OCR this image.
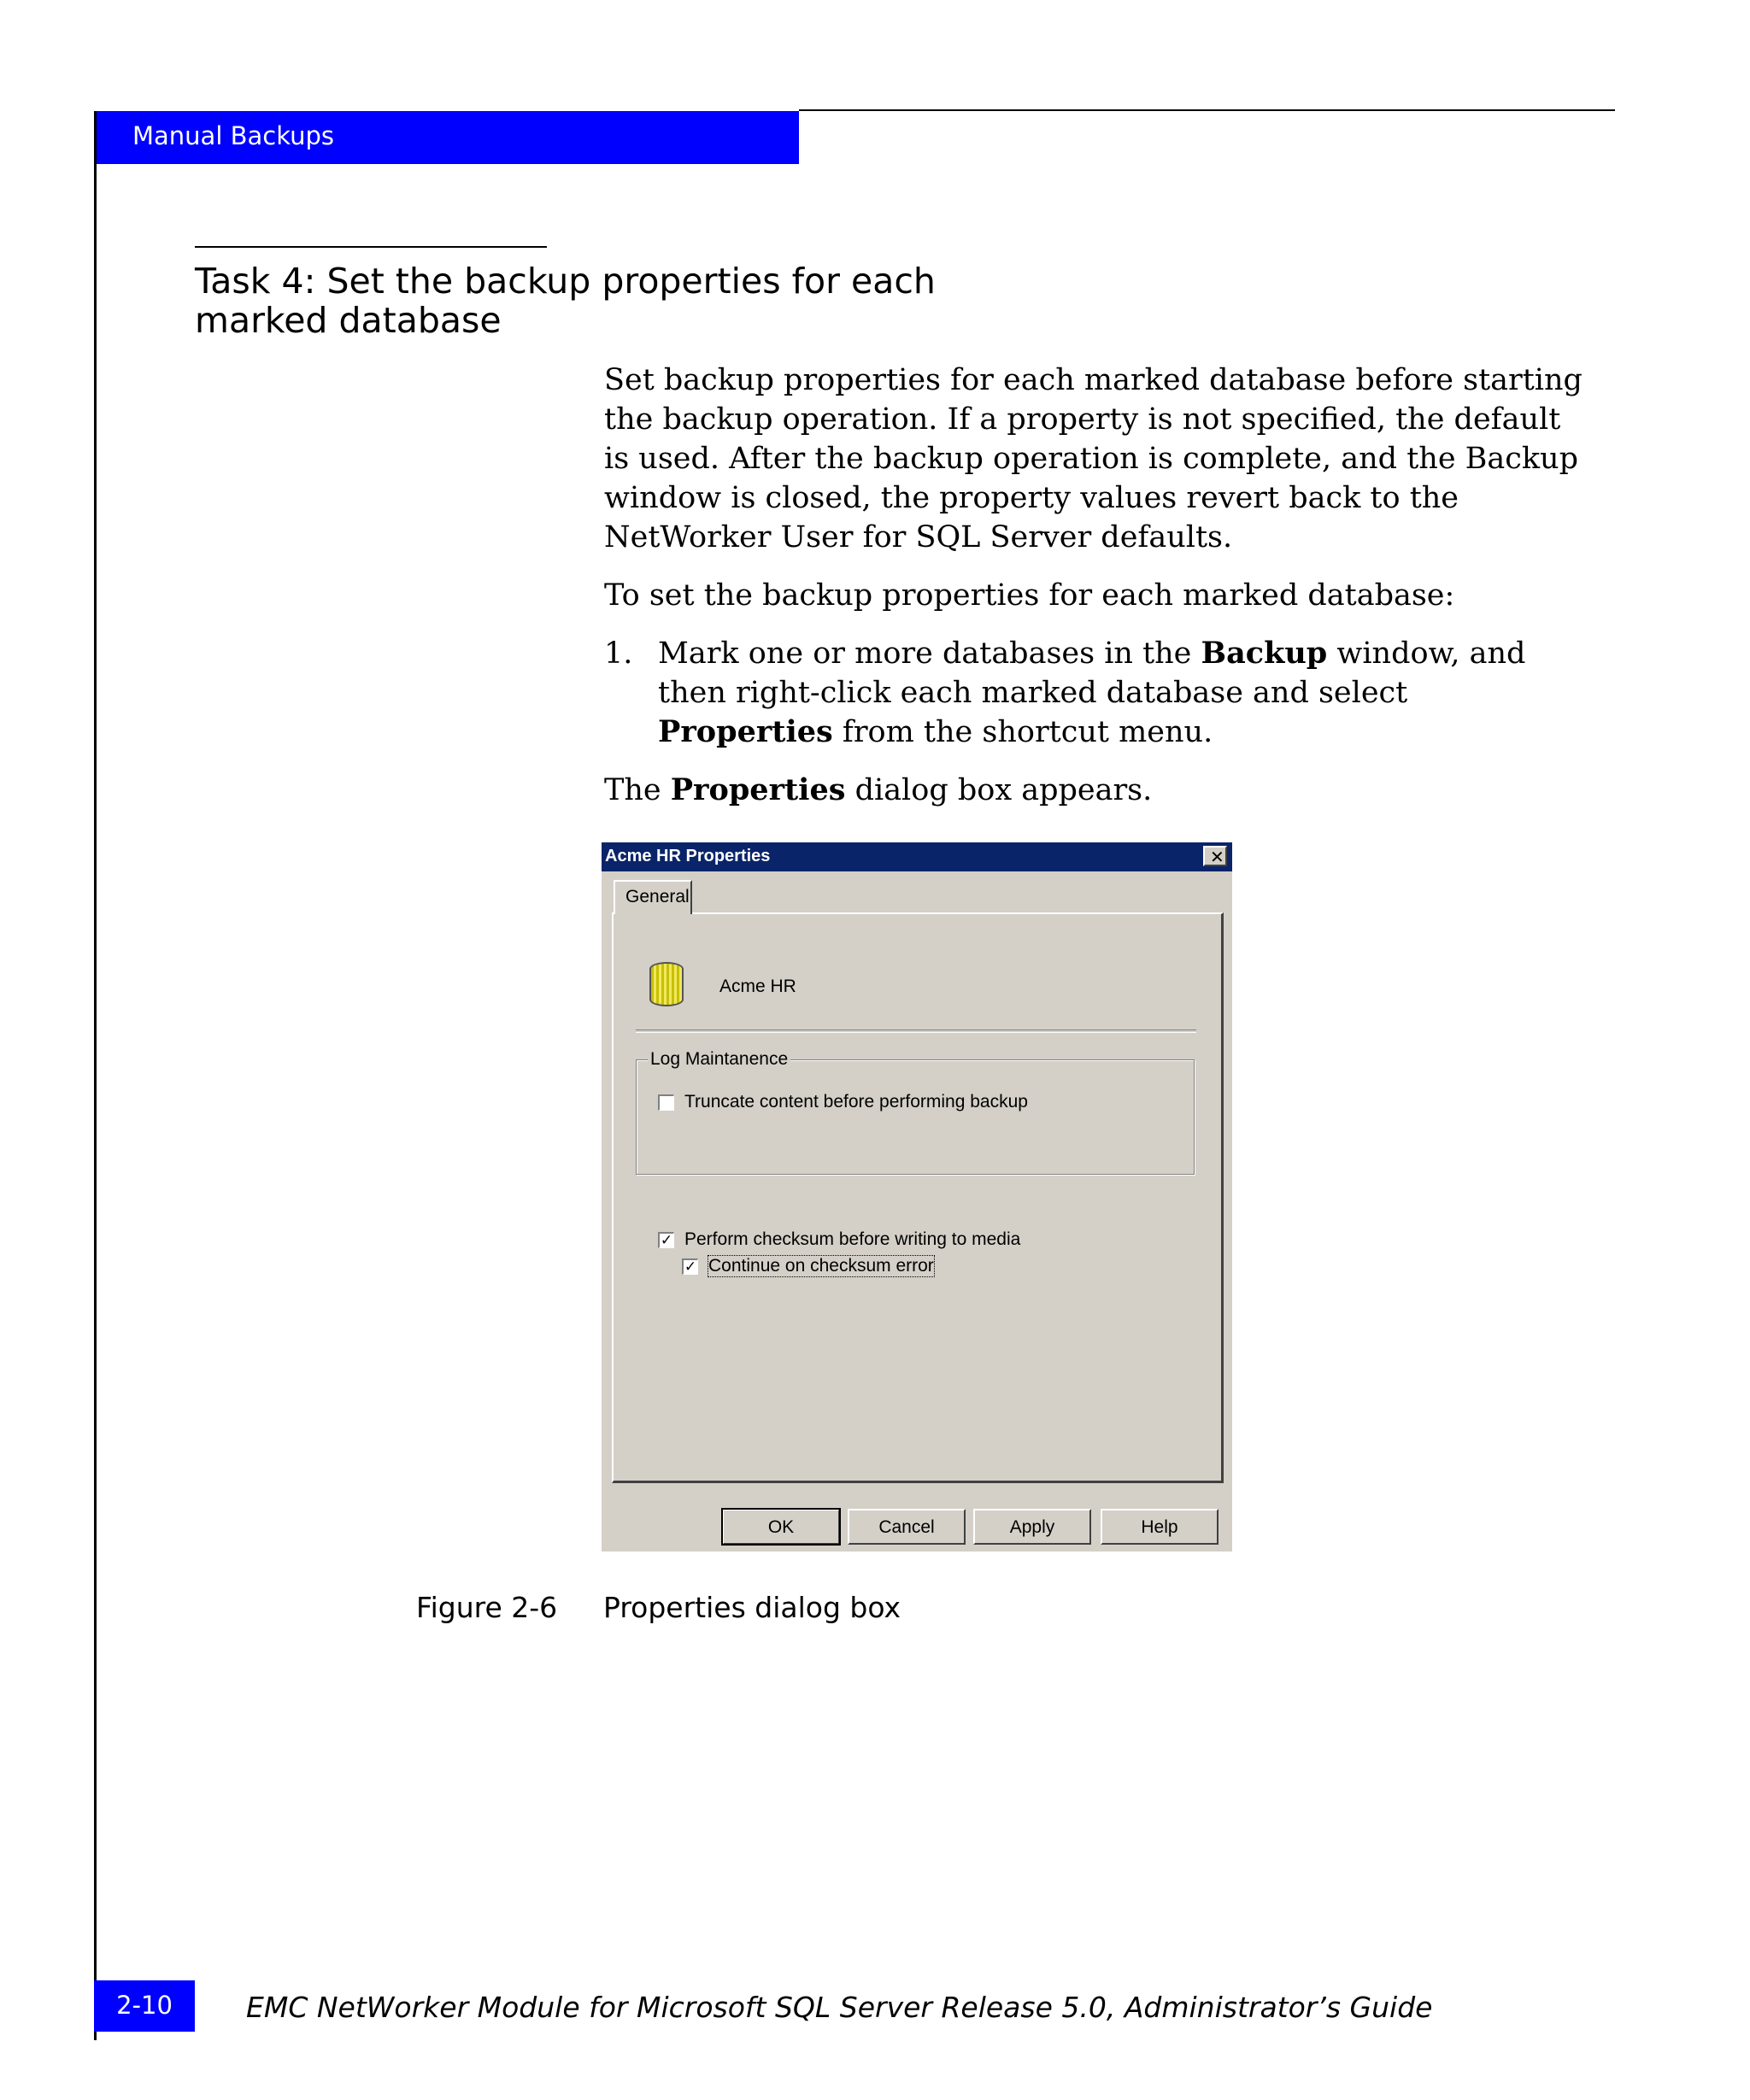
Manual Backups
Task 4: Set the backup properties for each marked database

Set backup properties for each marked database before starting the backup operation. If a property is not specified, the default is used. After the backup operation is complete, and the Backup window is closed, the property values revert back to the NetWorker User for SQL Server defaults.

To set the backup properties for each marked database:

1. Mark one or more databases in the Backup window, and then right-click each marked database and select Properties from the shortcut menu.

The Properties dialog box appears.

Acme HR Properties	✕
General
Acme HR
Log Maintanence
Truncate content before performing backup
✓ Perform checksum before writing to media
✓ Continue on checksum error
OK	Cancel	Apply	Help
Figure 2-6 Properties dialog box
2-10	EMC NetWorker Module for Microsoft SQL Server Release 5.0, Administrator’s Guide
